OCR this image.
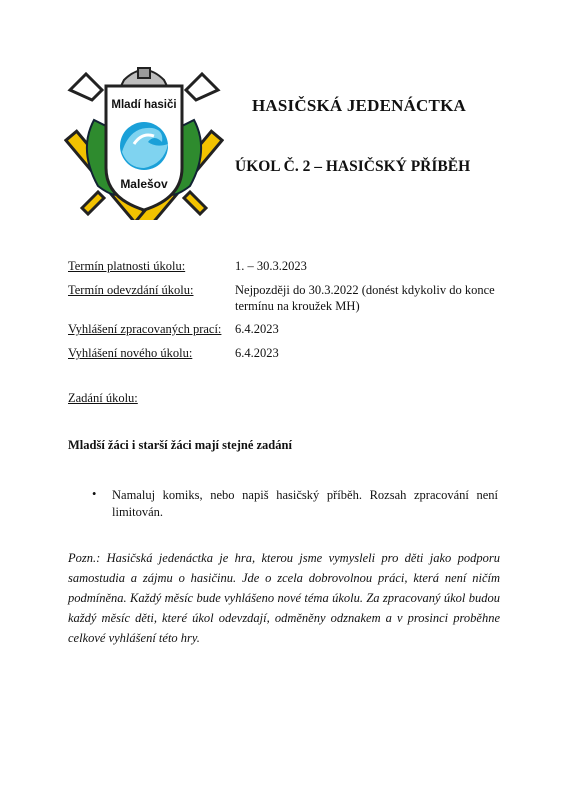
Mladí hasiči
Malešov
HASIČSKÁ JEDENÁCTKA
ÚKOL Č. 2 – HASIČSKÝ PŘÍBĚH
Termín platnosti úkolu:	1. – 30.3.2023
Termín odevzdání úkolu:	Nejpozději do 30.3.2022 (donést kdykoliv do konce termínu na kroužek MH)
Vyhlášení zpracovaných prací: 6.4.2023
Vyhlášení nového úkolu:	6.4.2023
Zadání úkolu:
Mladší žáci i starší žáci mají stejné zadání
• Namaluj komiks, nebo napiš hasičský příběh. Rozsah zpracování není limitován.
Pozn.: Hasičská jedenáctka je hra, kterou jsme vymysleli pro děti jako podporu samostudia a zájmu o hasičinu. Jde o zcela dobrovolnou práci, která není ničím podmíněna. Každý měsíc bude vyhlášeno nové téma úkolu. Za zpracovaný úkol budou každý měsíc děti, které úkol odevzdají, odměněny odznakem a v prosinci proběhne celkové vyhlášení této hry.
